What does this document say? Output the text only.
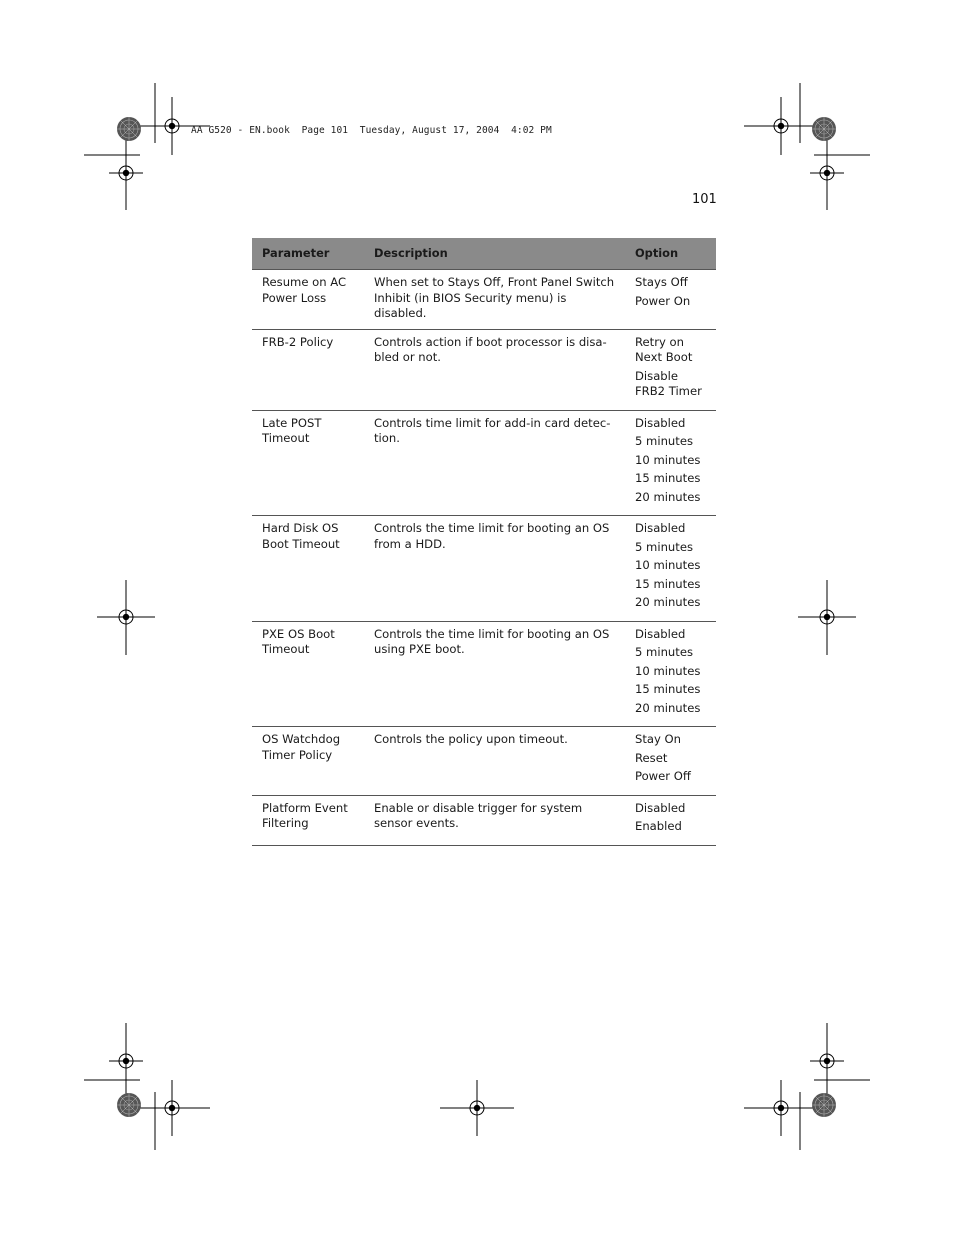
AA G520 - EN.book  Page 101  Tuesday, August 17, 2004  4:02 PM
101
Parameter	Description	Option
Resume on AC Power Loss	When set to Stays Off, Front Panel Switch Inhibit (in BIOS Security menu) is disabled.	Stays Off
Power On

FRB-2 Policy	Controls action if boot processor is disa-bled or not.	Retry on Next Boot
Disable FRB2 Timer

Late POST Timeout	Controls time limit for add-in card detec-tion.	Disabled
5 minutes
10 minutes
15 minutes
20 minutes

Hard Disk OS Boot Timeout	Controls the time limit for booting an OS from a HDD.	Disabled
5 minutes
10 minutes
15 minutes
20 minutes

PXE OS Boot Timeout	Controls the time limit for booting an OS using PXE boot.	Disabled
5 minutes
10 minutes
15 minutes
20 minutes

OS Watchdog Timer Policy	Controls the policy upon timeout.	Stay On
Reset
Power Off

Platform Event Filtering	Enable or disable trigger for system sensor events.	Disabled
Enabled
